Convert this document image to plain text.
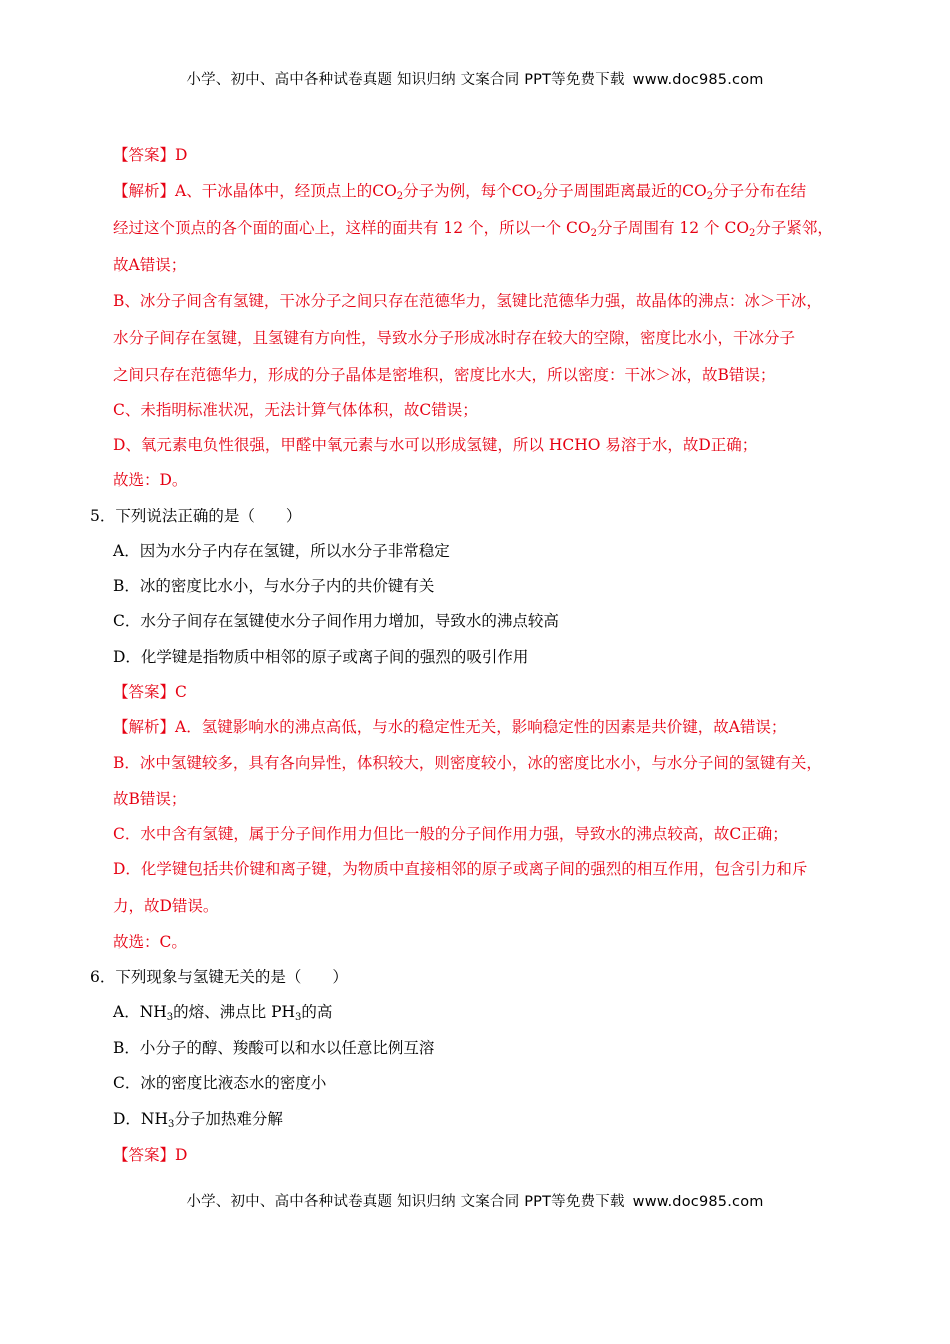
小学、初中、高中各种试卷真题 知识归纳 文案合同 PPT等免费下载 www.doc985.com
【答案】D
【解析】A、干冰晶体中，经顶点上的$CO_2$分子为例，每个$CO_2$分子周围距离最近的$CO_2$分子分布在结
经过这个顶点的各个面的面心上，这样的面共有 12 个，所以一个 $CO_2$分子周围有 12 个 $CO_2$分子紧邻，
故A错误；
B、冰分子间含有氢键，干冰分子之间只存在范德华力，氢键比范德华力强，故晶体的沸点：冰＞干冰，
水分子间存在氢键，且氢键有方向性，导致水分子形成冰时存在较大的空隙，密度比水小，干冰分子
之间只存在范德华力，形成的分子晶体是密堆积，密度比水大，所以密度：干冰＞冰，故B错误；
C、未指明标准状况，无法计算气体体积，故C错误；
D、氧元素电负性很强，甲醛中氧元素与水可以形成氢键，所以 HCHO 易溶于水，故D正确；
故选：D。
5．下列说法正确的是（　　）
A．因为水分子内存在氢键，所以水分子非常稳定
B．冰的密度比水小，与水分子内的共价键有关
C．水分子间存在氢键使水分子间作用力增加，导致水的沸点较高
D．化学键是指物质中相邻的原子或离子间的强烈的吸引作用
【答案】C
【解析】A．氢键影响水的沸点高低，与水的稳定性无关，影响稳定性的因素是共价键，故A错误；
B．冰中氢键较多，具有各向异性，体积较大，则密度较小，冰的密度比水小，与水分子间的氢键有关，
故B错误；
C．水中含有氢键，属于分子间作用力但比一般的分子间作用力强，导致水的沸点较高，故C正确；
D．化学键包括共价键和离子键，为物质中直接相邻的原子或离子间的强烈的相互作用，包含引力和斥
力，故D错误。
故选：C。
6．下列现象与氢键无关的是（　　）
A．$NH_3$的熔、沸点比 $PH_3$的高
B．小分子的醇、羧酸可以和水以任意比例互溶
C．冰的密度比液态水的密度小
D．$NH_3$分子加热难分解
【答案】D
小学、初中、高中各种试卷真题 知识归纳 文案合同 PPT等免费下载 www.doc985.com
